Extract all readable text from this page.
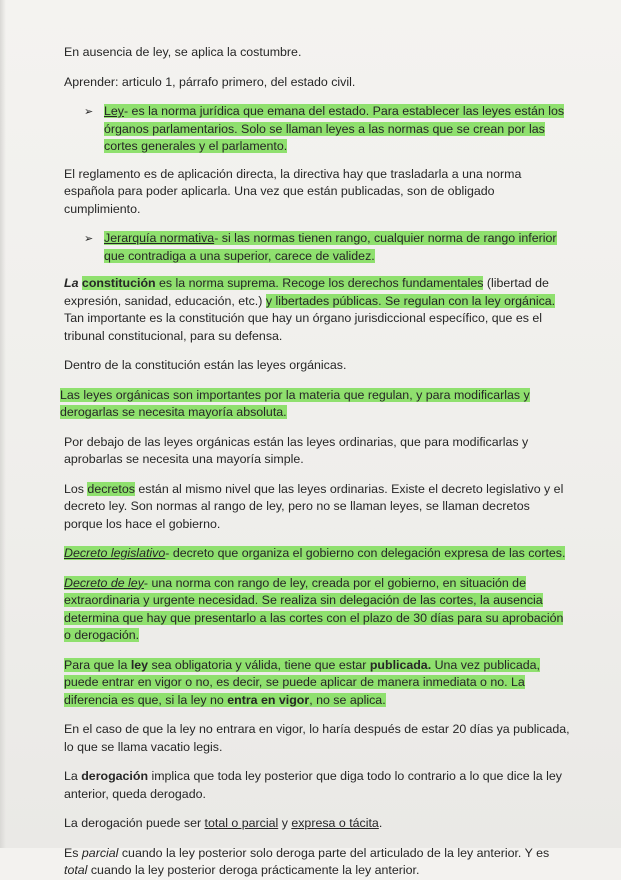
En ausencia de ley, se aplica la costumbre.

Aprender: articulo 1, párrafo primero, del estado civil.

➢ Ley- es la norma jurídica que emana del estado. Para establecer las leyes están los órganos parlamentarios. Solo se llaman leyes a las normas que se crean por las cortes generales y el parlamento.

El reglamento es de aplicación directa, la directiva hay que trasladarla a una norma española para poder aplicarla. Una vez que están publicadas, son de obligado cumplimiento.

➢ Jerarquía normativa- si las normas tienen rango, cualquier norma de rango inferior que contradiga a una superior, carece de validez.

La constitución es la norma suprema. Recoge los derechos fundamentales (libertad de expresión, sanidad, educación, etc.) y libertades públicas. Se regulan con la ley orgánica. Tan importante es la constitución que hay un órgano jurisdiccional específico, que es el tribunal constitucional, para su defensa.

Dentro de la constitución están las leyes orgánicas.

Las leyes orgánicas son importantes por la materia que regulan, y para modificarlas y derogarlas se necesita mayoría absoluta.

Por debajo de las leyes orgánicas están las leyes ordinarias, que para modificarlas y aprobarlas se necesita una mayoría simple.

Los decretos están al mismo nivel que las leyes ordinarias. Existe el decreto legislativo y el decreto ley. Son normas al rango de ley, pero no se llaman leyes, se llaman decretos porque los hace el gobierno.

Decreto legislativo- decreto que organiza el gobierno con delegación expresa de las cortes.

Decreto de ley- una norma con rango de ley, creada por el gobierno, en situación de extraordinaria y urgente necesidad. Se realiza sin delegación de las cortes, la ausencia determina que hay que presentarlo a las cortes con el plazo de 30 días para su aprobación o derogación.

Para que la ley sea obligatoria y válida, tiene que estar publicada. Una vez publicada, puede entrar en vigor o no, es decir, se puede aplicar de manera inmediata o no. La diferencia es que, si la ley no entra en vigor, no se aplica.

En el caso de que la ley no entrara en vigor, lo haría después de estar 20 días ya publicada, lo que se llama vacatio legis.

La derogación implica que toda ley posterior que diga todo lo contrario a lo que dice la ley anterior, queda derogado.

La derogación puede ser total o parcial y expresa o tácita.

Es parcial cuando la ley posterior solo deroga parte del articulado de la ley anterior. Y es total cuando la ley posterior deroga prácticamente la ley anterior.
